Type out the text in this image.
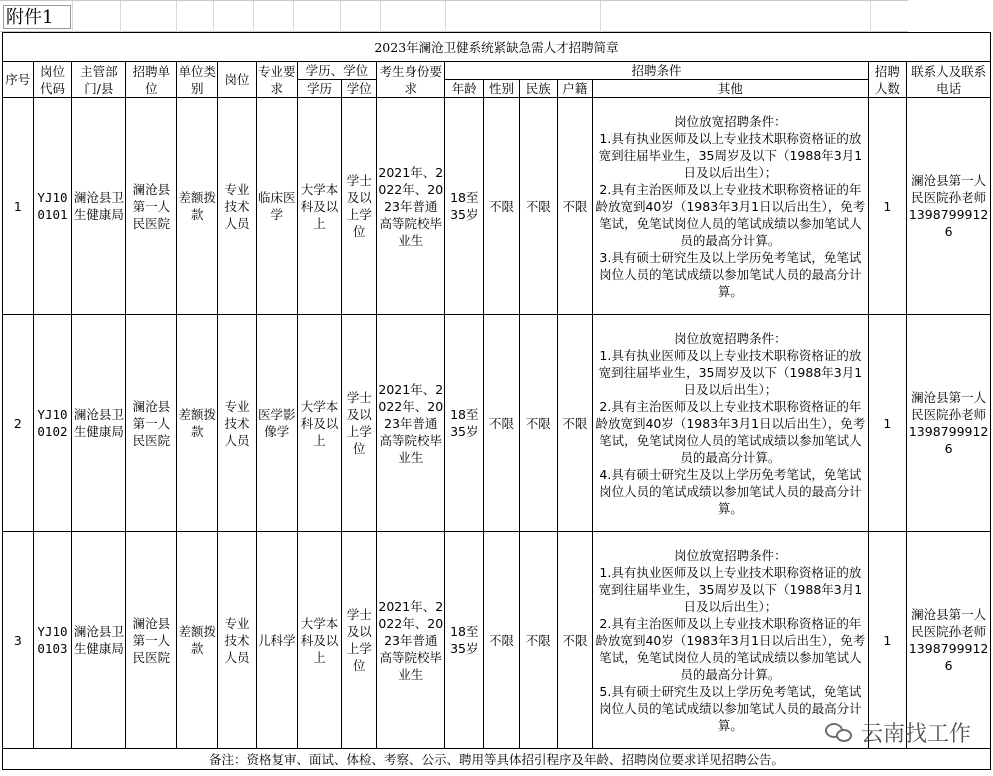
附件1
2023年澜沧卫健系统紧缺急需人才招聘简章																
序号	岗位代码	主管部门/县	招聘单位	单位类别	岗位	专业要求	学历、学位		考生身份要求	招聘条件					招聘人数	联系人及联系电话
							学历	学位		年龄	性别	民族	户籍	其他		
1	YJ100101	澜沧县卫生健康局	澜沧县第一人民医院	差额拨款	专业技术人员	临床医学	大学本科及以上	学士及以上学位	2021年、2022年、2023年普通高等院校毕业生	18至35岁	不限	不限	不限	岗位放宽招聘条件：
1.具有执业医师及以上专业技术职称资格证的放宽到往届毕业生，35周岁及以下（1988年3月1日及以后出生）；
2.具有主治医师及以上专业技术职称资格证的年龄放宽到40岁（1983年3月1日以后出生），免考笔试，免笔试岗位人员的笔试成绩以参加笔试人员的最高分计算。
3.具有硕士研究生及以上学历免考笔试，免笔试岗位人员的笔试成绩以参加笔试人员的最高分计算。	1	澜沧县第一人民医院孙老师13987999126
2	YJ100102	澜沧县卫生健康局	澜沧县第一人民医院	差额拨款	专业技术人员	医学影像学	大学本科及以上	学士及以上学位	2021年、2022年、2023年普通高等院校毕业生	18至35岁	不限	不限	不限	岗位放宽招聘条件：
1.具有执业医师及以上专业技术职称资格证的放宽到往届毕业生，35周岁及以下（1988年3月1日及以后出生）；
2.具有主治医师及以上专业技术职称资格证的年龄放宽到40岁（1983年3月1日以后出生），免考笔试，免笔试岗位人员的笔试成绩以参加笔试人员的最高分计算。
4.具有硕士研究生及以上学历免考笔试，免笔试岗位人员的笔试成绩以参加笔试人员的最高分计算。	1	澜沧县第一人民医院孙老师13987999126
3	YJ100103	澜沧县卫生健康局	澜沧县第一人民医院	差额拨款	专业技术人员	儿科学	大学本科及以上	学士及以上学位	2021年、2022年、2023年普通高等院校毕业生	18至35岁	不限	不限	不限	岗位放宽招聘条件：
1.具有执业医师及以上专业技术职称资格证的放宽到往届毕业生，35周岁及以下（1988年3月1日及以后出生）；
2.具有主治医师及以上专业技术职称资格证的年龄放宽到40岁（1983年3月1日以后出生），免考笔试，免笔试岗位人员的笔试成绩以参加笔试人员的最高分计算。
5.具有硕士研究生及以上学历免考笔试，免笔试岗位人员的笔试成绩以参加笔试人员的最高分计算。	1	澜沧县第一人民医院孙老师13987999126
备注：资格复审、面试、体检、考察、公示、聘用等具体招引程序及年龄、招聘岗位要求详见招聘公告。																
云南找工作
